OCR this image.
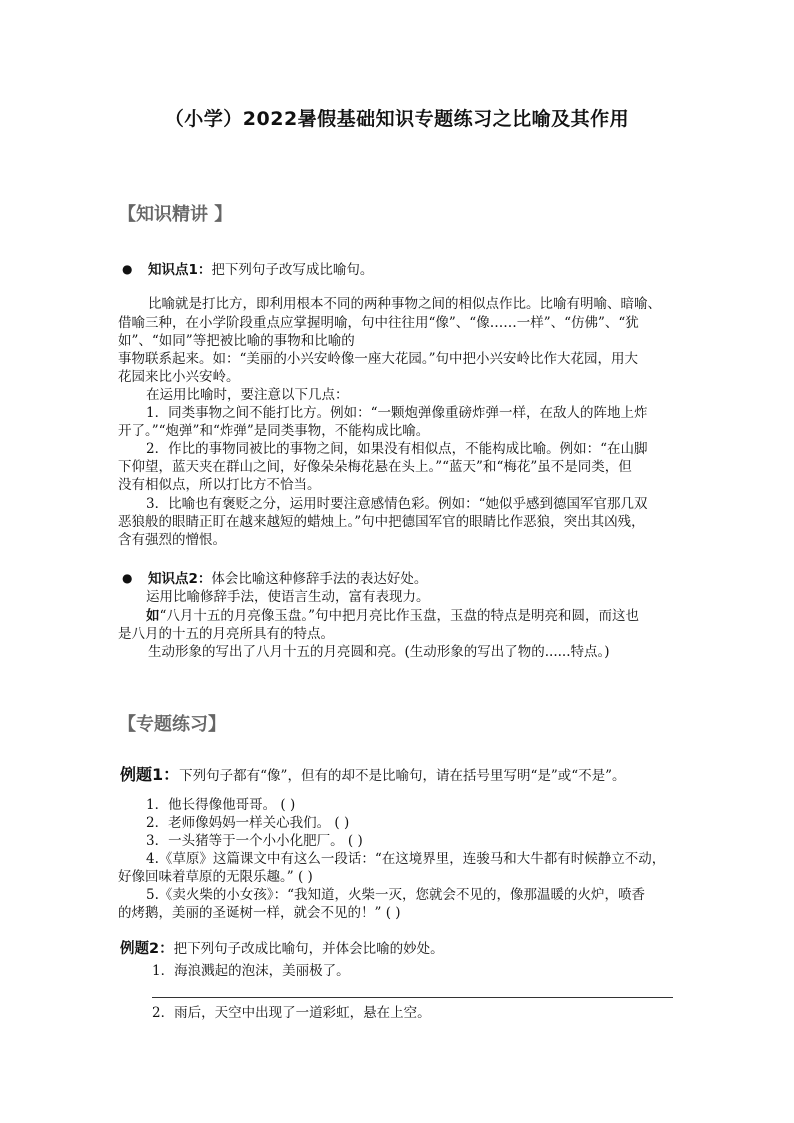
（小学）2022暑假基础知识专题练习之比喻及其作用
【知识精讲 】
● 知识点1：把下列句子改写成比喻句。
比喻就是打比方，即利用根本不同的两种事物之间的相似点作比。比喻有明喻、暗喻、
借喻三种，在小学阶段重点应掌握明喻，句中往往用“像”、“像……一样”、“仿佛”、“犹
如”、“如同”等把被比喻的事物和比喻的
事物联系起来。如：“美丽的小兴安岭像一座大花园。”句中把小兴安岭比作大花园，用大
花园来比小兴安岭。
在运用比喻时，要注意以下几点：
1．同类事物之间不能打比方。例如：“一颗炮弹像重磅炸弹一样，在敌人的阵地上炸
开了。”“炮弹”和“炸弹”是同类事物，不能构成比喻。
2．作比的事物同被比的事物之间，如果没有相似点，不能构成比喻。例如：“在山脚
下仰望，蓝天夹在群山之间，好像朵朵梅花悬在头上。”“蓝天”和“梅花”虽不是同类，但
没有相似点，所以打比方不恰当。
3．比喻也有褒贬之分，运用时要注意感情色彩。例如：“她似乎感到德国军官那几双
恶狼般的眼睛正盯在越来越短的蜡烛上。”句中把德国军官的眼睛比作恶狼，突出其凶残，
含有强烈的憎恨。
● 知识点2：体会比喻这种修辞手法的表达好处。
运用比喻修辞手法，使语言生动，富有表现力。
如“八月十五的月亮像玉盘。”句中把月亮比作玉盘，玉盘的特点是明亮和圆，而这也
是八月的十五的月亮所具有的特点。
生动形象的写出了八月十五的月亮圆和亮。(生动形象的写出了物的......特点。)
【专题练习】
例题1：下列句子都有“像”，但有的却不是比喻句，请在括号里写明“是”或“不是”。
1．他长得像他哥哥。 ( )
2．老师像妈妈一样关心我们。 ( )
3．一头猪等于一个小小化肥厂。 ( )
4.《草原》这篇课文中有这么一段话：“在这境界里，连骏马和大牛都有时候静立不动，
好像回味着草原的无限乐趣。” ( )
5.《卖火柴的小女孩》：“我知道，火柴一灭，您就会不见的，像那温暖的火炉，喷香
的烤鹅，美丽的圣诞树一样，就会不见的！” ( )
例题2：把下列句子改成比喻句，并体会比喻的妙处。
1．海浪溅起的泡沫，美丽极了。
2．雨后，天空中出现了一道彩虹，悬在上空。
